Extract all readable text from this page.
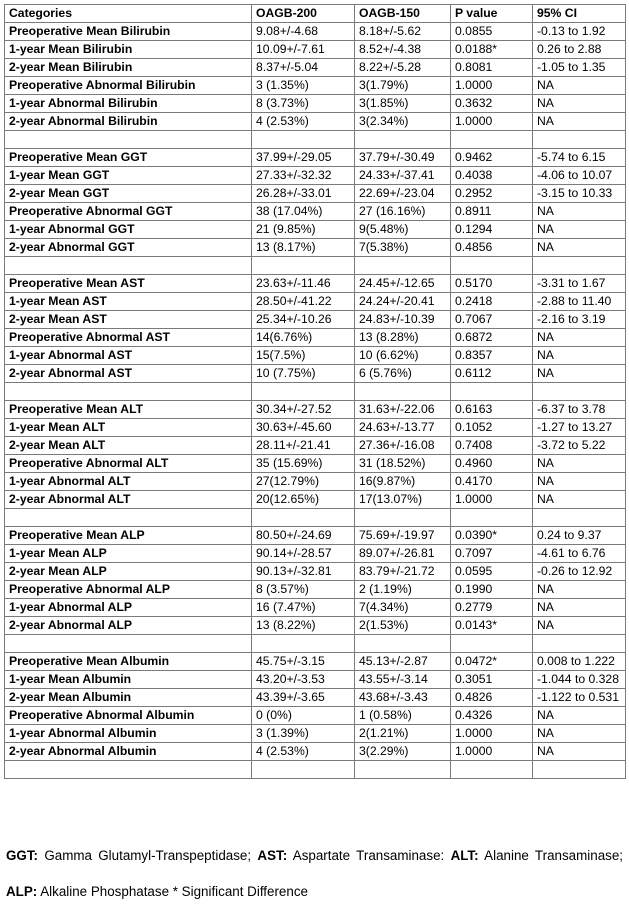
Categories	OAGB-200	OAGB-150	P value	95% CI
Preoperative Mean Bilirubin	9.08+/-4.68	8.18+/-5.62	0.0855	-0.13 to 1.92
1-year Mean Bilirubin	10.09+/-7.61	8.52+/-4.38	0.0188*	0.26 to 2.88
2-year Mean Bilirubin	8.37+/-5.04	8.22+/-5.28	0.8081	-1.05 to 1.35
Preoperative Abnormal Bilirubin	3 (1.35%)	3(1.79%)	1.0000	NA
1-year Abnormal Bilirubin	8 (3.73%)	3(1.85%)	0.3632	NA
2-year Abnormal Bilirubin	4 (2.53%)	3(2.34%)	1.0000	NA

Preoperative Mean GGT	37.99+/-29.05	37.79+/-30.49	0.9462	-5.74 to 6.15
1-year Mean GGT	27.33+/-32.32	24.33+/-37.41	0.4038	-4.06 to 10.07
2-year Mean GGT	26.28+/-33.01	22.69+/-23.04	0.2952	-3.15 to 10.33
Preoperative Abnormal GGT	38 (17.04%)	27 (16.16%)	0.8911	NA
1-year Abnormal GGT	21 (9.85%)	9(5.48%)	0.1294	NA
2-year Abnormal GGT	13 (8.17%)	7(5.38%)	0.4856	NA

Preoperative Mean AST	23.63+/-11.46	24.45+/-12.65	0.5170	-3.31 to 1.67
1-year Mean AST	28.50+/-41.22	24.24+/-20.41	0.2418	-2.88 to 11.40
2-year Mean AST	25.34+/-10.26	24.83+/-10.39	0.7067	-2.16 to 3.19
Preoperative Abnormal AST	14(6.76%)	13 (8.28%)	0.6872	NA
1-year Abnormal AST	15(7.5%)	10 (6.62%)	0.8357	NA
2-year Abnormal AST	10 (7.75%)	6 (5.76%)	0.6112	NA

Preoperative Mean ALT	30.34+/-27.52	31.63+/-22.06	0.6163	-6.37 to 3.78
1-year Mean ALT	30.63+/-45.60	24.63+/-13.77	0.1052	-1.27 to 13.27
2-year Mean ALT	28.11+/-21.41	27.36+/-16.08	0.7408	-3.72 to 5.22
Preoperative Abnormal ALT	35 (15.69%)	31 (18.52%)	0.4960	NA
1-year Abnormal ALT	27(12.79%)	16(9.87%)	0.4170	NA
2-year Abnormal ALT	20(12.65%)	17(13.07%)	1.0000	NA

Preoperative Mean ALP	80.50+/-24.69	75.69+/-19.97	0.0390*	0.24 to 9.37
1-year Mean ALP	90.14+/-28.57	89.07+/-26.81	0.7097	-4.61 to 6.76
2-year Mean ALP	90.13+/-32.81	83.79+/-21.72	0.0595	-0.26 to 12.92
Preoperative Abnormal ALP	8 (3.57%)	2 (1.19%)	0.1990	NA
1-year Abnormal ALP	16 (7.47%)	7(4.34%)	0.2779	NA
2-year Abnormal ALP	13 (8.22%)	2(1.53%)	0.0143*	NA

Preoperative Mean Albumin	45.75+/-3.15	45.13+/-2.87	0.0472*	0.008 to 1.222
1-year Mean Albumin	43.20+/-3.53	43.55+/-3.14	0.3051	-1.044 to 0.328
2-year Mean Albumin	43.39+/-3.65	43.68+/-3.43	0.4826	-1.122 to 0.531
Preoperative Abnormal Albumin	0 (0%)	1 (0.58%)	0.4326	NA
1-year Abnormal Albumin	3 (1.39%)	2(1.21%)	1.0000	NA
2-year Abnormal Albumin	4 (2.53%)	3(2.29%)	1.0000	NA

GGT: Gamma Glutamyl-Transpeptidase; AST: Aspartate Transaminase: ALT: Alanine Transaminase; ALP: Alkaline Phosphatase * Significant Difference
